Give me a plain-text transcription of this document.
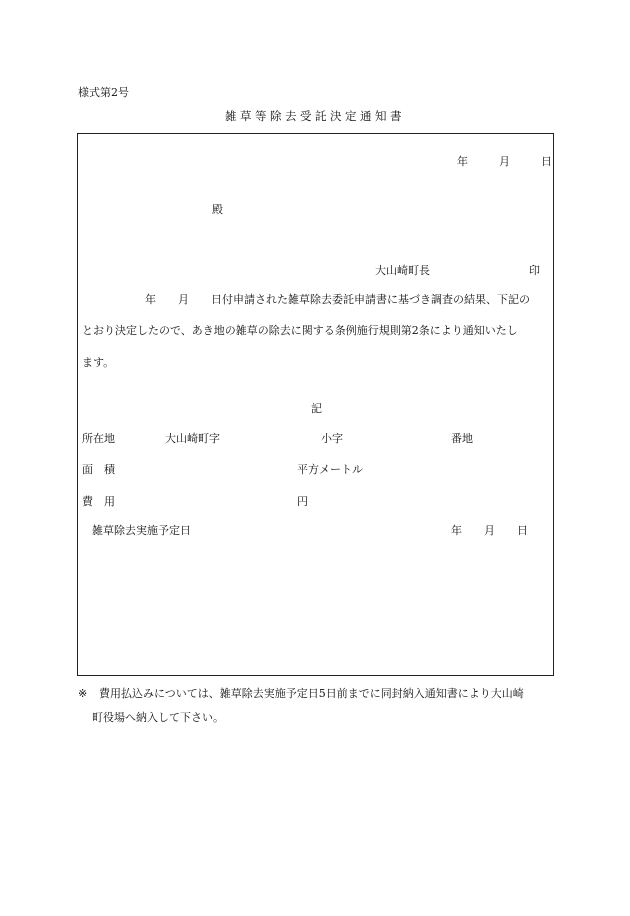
様式第2号
雑草等除去受託決定通知書
年	月	日
殿
大山崎町長	印
年　　月　　日付申請された雑草除去委託申請書に基づき調査の結果、下記の
とおり決定したので、あき地の雑草の除去に関する条例施行規則第2条により通知いたし
ます。
記
所在地	大山崎町字	小字	番地
面　積	平方メートル
費　用	円
雑草除去実施予定日	年　　月　　日
※ 費用払込みについては、雑草除去実施予定日5日前までに同封納入通知書により大山崎
町役場へ納入して下さい。
